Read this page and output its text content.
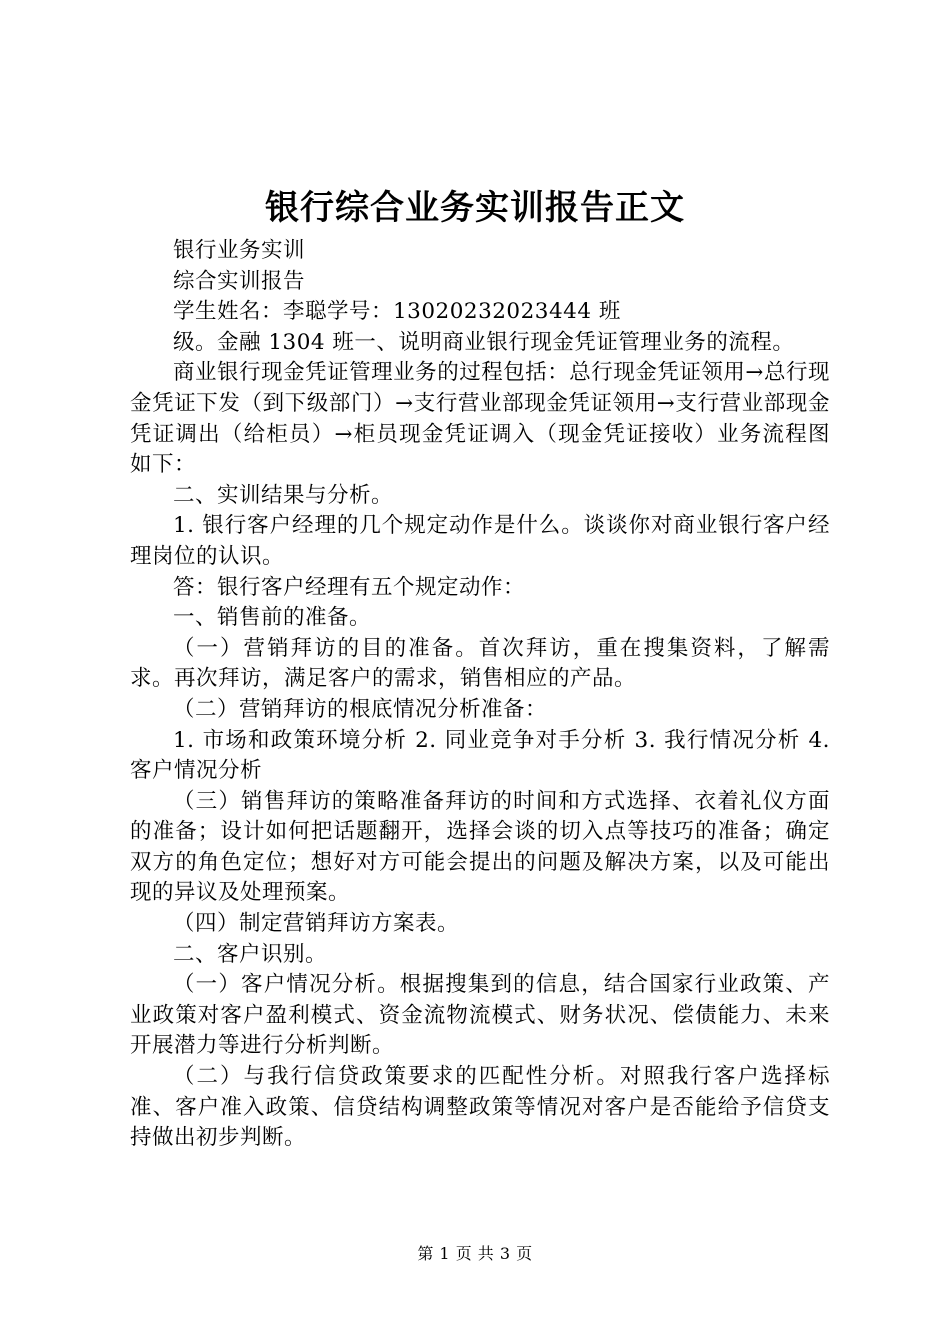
银行综合业务实训报告正文

银行业务实训

综合实训报告

学生姓名：李聪学号：13020232023444 班

级。金融 1304 班一、说明商业银行现金凭证管理业务的流程。

商业银行现金凭证管理业务的过程包括：总行现金凭证领用→总行现金凭证下发（到下级部门）→支行营业部现金凭证领用→支行营业部现金凭证调出（给柜员）→柜员现金凭证调入（现金凭证接收）业务流程图如下：

二、实训结果与分析。

1. 银行客户经理的几个规定动作是什么。谈谈你对商业银行客户经理岗位的认识。

答：银行客户经理有五个规定动作：

一、销售前的准备。

（一）营销拜访的目的准备。首次拜访，重在搜集资料，了解需求。再次拜访，满足客户的需求，销售相应的产品。

（二）营销拜访的根底情况分析准备：

1. 市场和政策环境分析 2. 同业竞争对手分析 3. 我行情况分析 4. 客户情况分析

（三）销售拜访的策略准备拜访的时间和方式选择、衣着礼仪方面的准备；设计如何把话题翻开，选择会谈的切入点等技巧的准备；确定双方的角色定位；想好对方可能会提出的问题及解决方案，以及可能出现的异议及处理预案。

（四）制定营销拜访方案表。

二、客户识别。

（一）客户情况分析。根据搜集到的信息，结合国家行业政策、产业政策对客户盈利模式、资金流物流模式、财务状况、偿债能力、未来开展潜力等进行分析判断。

（二）与我行信贷政策要求的匹配性分析。对照我行客户选择标准、客户准入政策、信贷结构调整政策等情况对客户是否能给予信贷支持做出初步判断。

第 1 页 共 3 页
